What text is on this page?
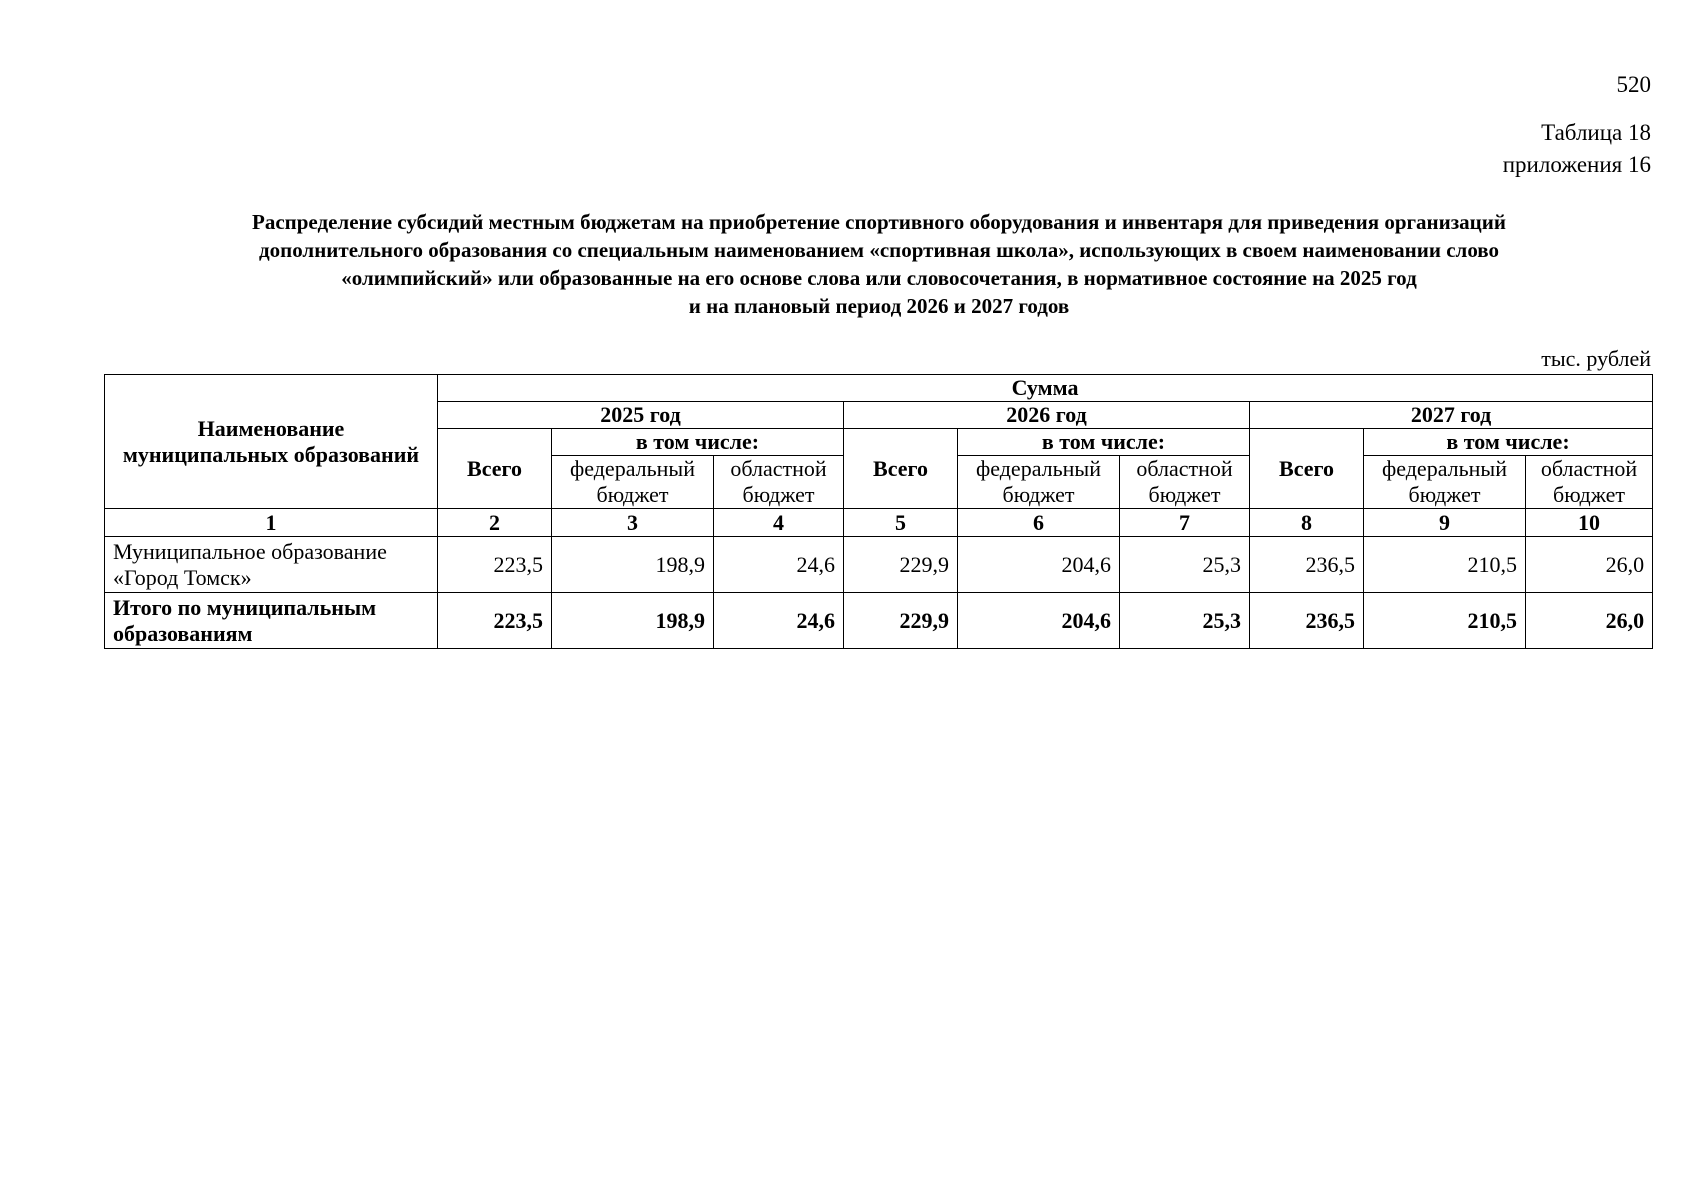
520
Таблица 18
приложения 16
Распределение субсидий местным бюджетам на приобретение спортивного оборудования и инвентаря для приведения организаций
дополнительного образования со специальным наименованием «спортивная школа», использующих в своем наименовании слово
«олимпийский» или образованные на его основе слова или словосочетания, в нормативное состояние на 2025 год
и на плановый период 2026 и 2027 годов
тыс. рублей
Наименование муниципальных образований	Сумма								
	2025 год			2026 год			2027 год		
	Всего	в том числе:		Всего	в том числе:		Всего	в том числе:	
		федеральный бюджет	областной бюджет		федеральный бюджет	областной бюджет		федеральный бюджет	областной бюджет
1	2	3	4	5	6	7	8	9	10
Муниципальное образование «Город Томск»	223,5	198,9	24,6	229,9	204,6	25,3	236,5	210,5	26,0
Итого по муниципальным образованиям	223,5	198,9	24,6	229,9	204,6	25,3	236,5	210,5	26,0
